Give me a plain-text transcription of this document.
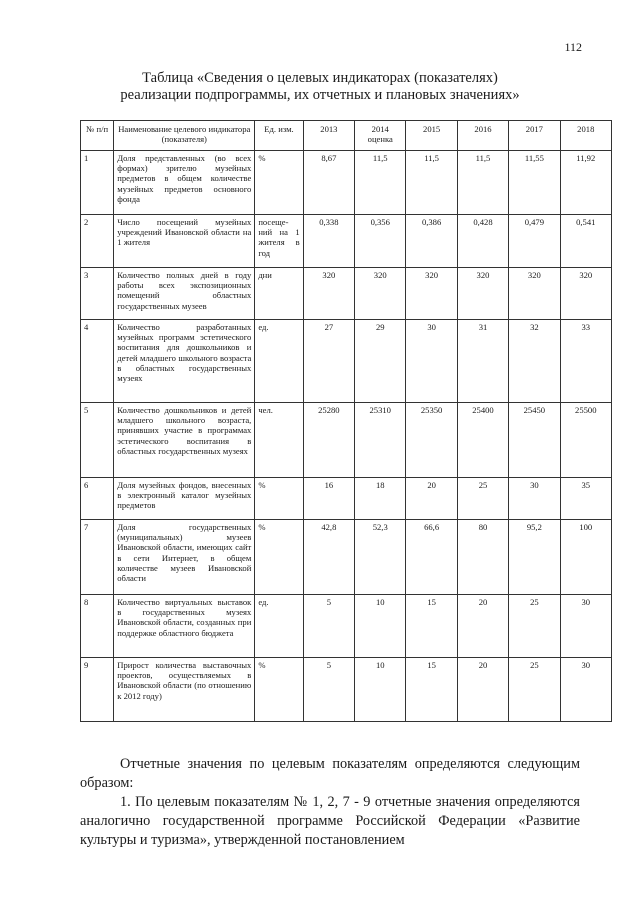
112
Таблица «Сведения о целевых индикаторах (показателях)
реализации подпрограммы, их отчетных и плановых значениях»
№ п/п	Наименование целевого индикатора (показателя)	Ед. изм.	2013	2014 оценка	2015	2016	2017	2018
1	Доля представленных (во всех формах) зрителю музейных предметов в общем количестве музейных предметов основного фонда	%	8,67	11,5	11,5	11,5	11,55	11,92
2	Число посещений музейных учреждений Ивановской области на 1 жителя	посеще-ний на 1 жителя в год	0,338	0,356	0,386	0,428	0,479	0,541
3	Количество полных дней в году работы всех экспозиционных помещений областных государственных музеев	дни	320	320	320	320	320	320
4	Количество разработанных музейных программ эстетического воспитания для дошкольников и детей младшего школьного возраста в областных государственных музеях	ед.	27	29	30	31	32	33
5	Количество дошкольников и детей младшего школьного возраста, принявших участие в программах эстетического воспитания в областных государственных музеях	чел.	25280	25310	25350	25400	25450	25500
6	Доля музейных фондов, внесенных в электронный каталог музейных предметов	%	16	18	20	25	30	35
7	Доля государственных (муниципальных) музеев Ивановской области, имеющих сайт в сети Интернет, в общем количестве музеев Ивановской области	%	42,8	52,3	66,6	80	95,2	100
8	Количество виртуальных выставок в государственных музеях Ивановской области, созданных при поддержке областного бюджета	ед.	5	10	15	20	25	30
9	Прирост количества выставочных проектов, осуществляемых в Ивановской области (по отношению к 2012 году)	%	5	10	15	20	25	30

Отчетные значения по целевым показателям определяются следующим образом:

1. По целевым показателям № 1, 2, 7 - 9 отчетные значения определяются аналогично государственной программе Российской Федерации «Развитие культуры и туризма», утвержденной постановлением
